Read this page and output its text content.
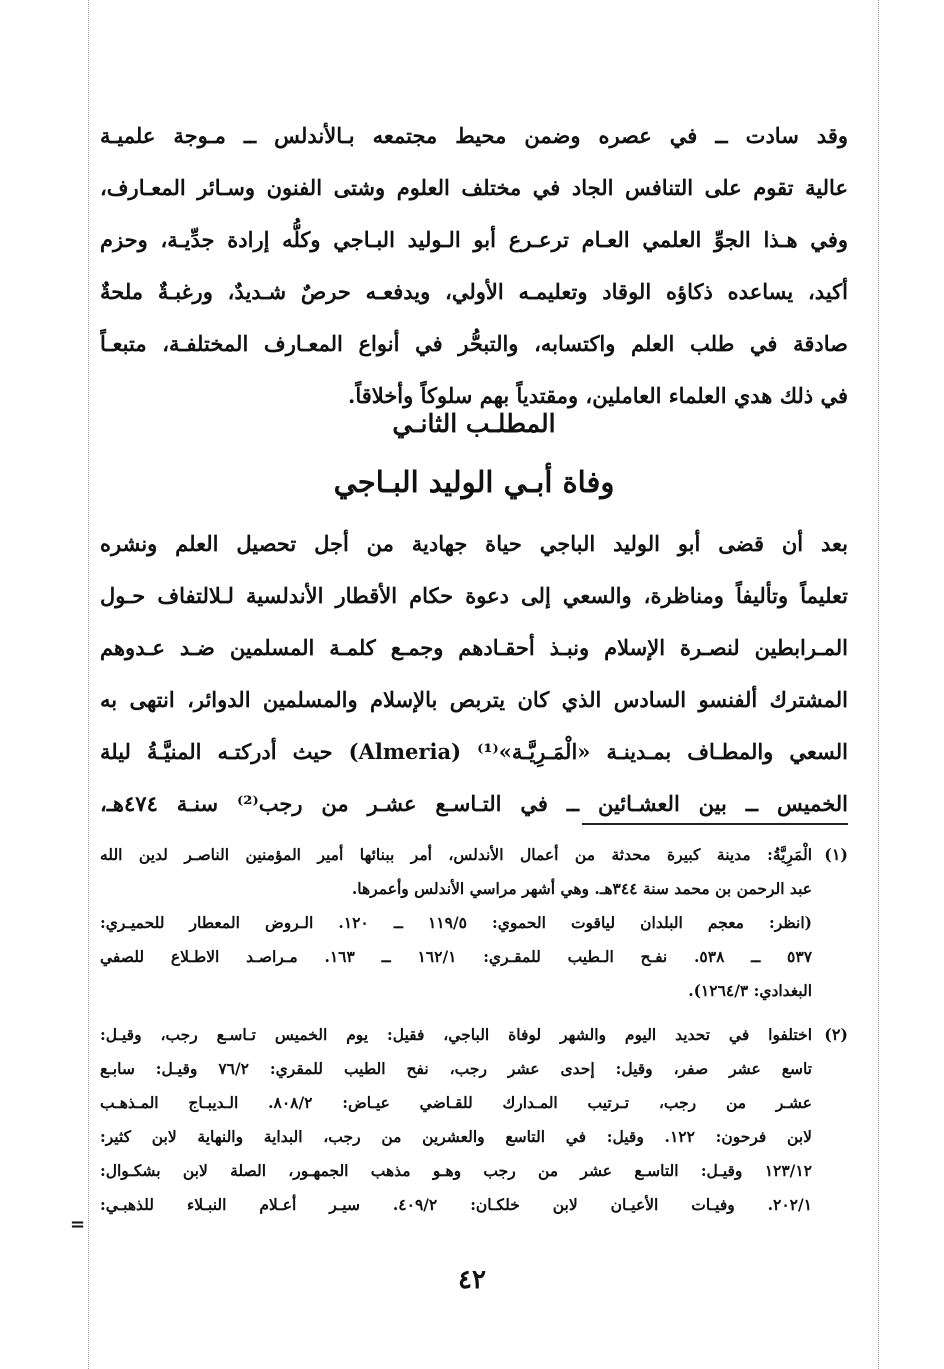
وقد سادت ــ في عصره وضمن محيط مجتمعه بـالأندلس ــ مـوجة علميـة
عالية تقوم على التنافس الجاد في مختلف العلوم وشتى الفنون وسـائر المعـارف،
وفي هـذا الجوِّ العلمي العـام ترعـرع أبو الـوليد البـاجي وكلُّه إرادة جدِّيـة، وحزم
أكيد، يساعده ذكاؤه الوقاد وتعليمـه الأولي، ويدفعـه حرصٌ شـديدٌ، ورغبـةٌ ملحةٌ
صادقة في طلب العلم واكتسابه، والتبحُّر في أنواع المعـارف المختلفـة، متبعـاً
في ذلك هدي العلماء العاملين، ومقتدياً بهم سلوكاً وأخلاقاً.
المطلـب الثانـي
وفاة أبـي الوليد البـاجي
بعد أن قضى أبو الوليد الباجي حياة جهادية من أجل تحصيل العلم ونشره
تعليماً وتأليفاً ومناظرة، والسعي إلى دعوة حكام الأقطار الأندلسية لـلالتفاف حـول
المـرابطين لنصـرة الإسلام ونبـذ أحقـادهم وجمـع كلمـة المسلمين ضـد عـدوهم
المشترك ألفنسو السادس الذي كان يتربص بالإسلام والمسلمين الدوائر، انتهى به
السعي والمطـاف بمـدينـة «الْمَـرِيَّـة»⁽¹⁾ (Almeria) حيث أدركتـه المنيَّـةُ ليلة
الخميس ــ بين العشـائين ــ في التـاسـع عشـر من رجب⁽²⁾ سنـة ٤٧٤هـ،
(١)
الْمَرِيَّةُ: مدينة كبيرة محدثة من أعمال الأندلس، أمر ببنائها أمير المؤمنين الناصـر لدين الله
عبد الرحمن بن محمد سنة ٣٤٤هـ. وهي أشهر مراسي الأندلس وأعمرها.
(انظر: معجم البلدان لياقوت الحموي: ١١٩/٥ ــ ١٢٠. الـروض المعطار للحميـري:
٥٣٧ ــ ٥٣٨. نفـح الـطيب للمقـري: ١٦٢/١ ــ ١٦٣. مـراصـد الاطـلاع للصفي
البغدادي: ١٢٦٤/٣).
(٢)
اختلفوا في تحديد اليوم والشهر لوفاة الباجي، فقيل: يوم الخميس تـاسـع رجب، وقيـل:
تاسع عشر صفر، وقيل: إحدى عشر رجب، نفح الطيب للمقري: ٧٦/٢ وقيـل: سابـع
عشـر من رجب، تـرتيب المـدارك للقـاضي عيـاض: ٨٠٨/٢. الـديبـاج المـذهـب
لابن فرحون: ١٢٢. وقيل: في التاسع والعشرين من رجب، البداية والنهاية لابن كثير:
١٢٣/١٢ وقيـل: التاسـع عشر من رجب وهـو مذهب الجمهـور، الصلة لابن بشكـوال:
٢٠٢/١. وفيـات الأعيـان لابن خلكـان: ٤٠٩/٢. سيـر أعـلام النبـلاء للذهبـي:
=
٤٢
